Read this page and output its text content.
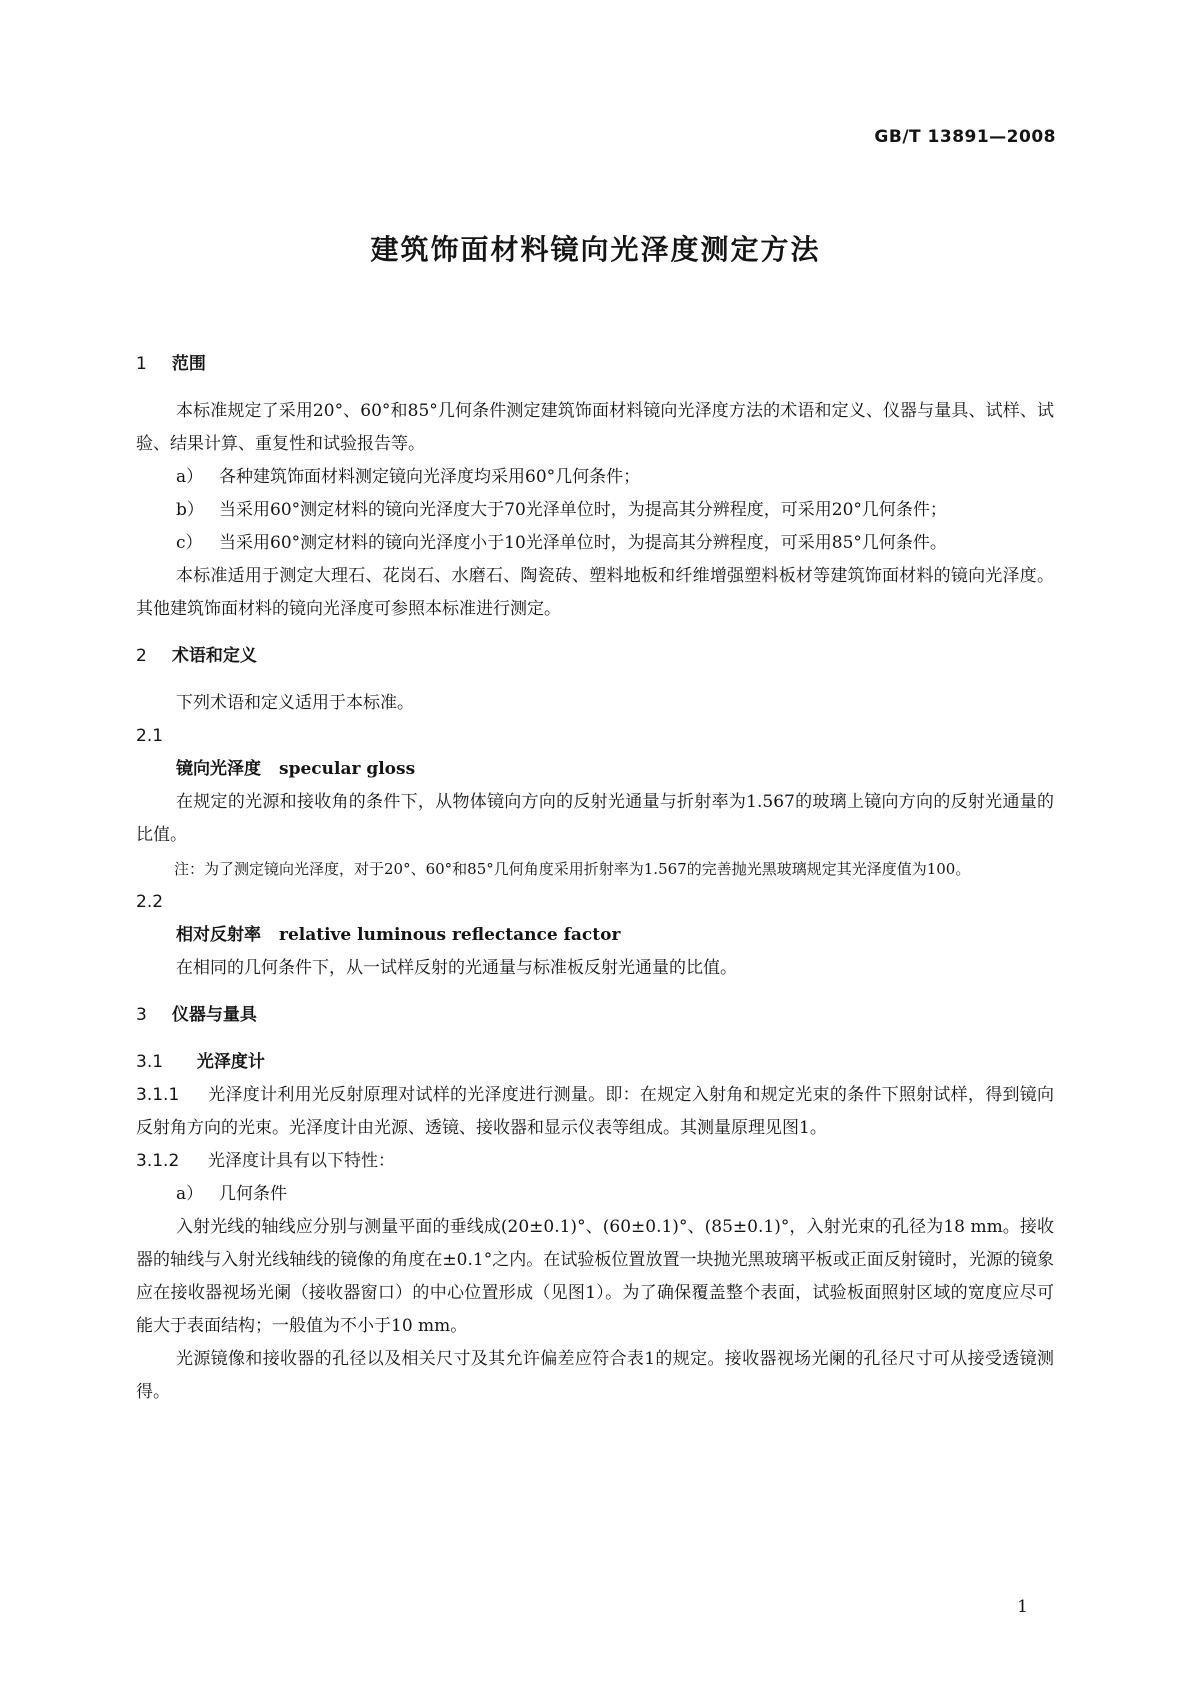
GB/T 13891—2008
建筑饰面材料镜向光泽度测定方法
1 范围

本标准规定了采用20°、60°和85°几何条件测定建筑饰面材料镜向光泽度方法的术语和定义、仪器与量具、试样、试验、结果计算、重复性和试验报告等。

a） 各种建筑饰面材料测定镜向光泽度均采用60°几何条件；

b） 当采用60°测定材料的镜向光泽度大于70光泽单位时，为提高其分辨程度，可采用20°几何条件；

c） 当采用60°测定材料的镜向光泽度小于10光泽单位时，为提高其分辨程度，可采用85°几何条件。

本标准适用于测定大理石、花岗石、水磨石、陶瓷砖、塑料地板和纤维增强塑料板材等建筑饰面材料的镜向光泽度。其他建筑饰面材料的镜向光泽度可参照本标准进行测定。

2 术语和定义

下列术语和定义适用于本标准。

2.1

镜向光泽度 specular gloss

在规定的光源和接收角的条件下，从物体镜向方向的反射光通量与折射率为1.567的玻璃上镜向方向的反射光通量的比值。

注：为了测定镜向光泽度，对于20°、60°和85°几何角度采用折射率为1.567的完善抛光黑玻璃规定其光泽度值为100。

2.2

相对反射率 relative luminous reflectance factor

在相同的几何条件下，从一试样反射的光通量与标准板反射光通量的比值。

3 仪器与量具
3.1 光泽度计

3.1.1 光泽度计利用光反射原理对试样的光泽度进行测量。即：在规定入射角和规定光束的条件下照射试样，得到镜向反射角方向的光束。光泽度计由光源、透镜、接收器和显示仪表等组成。其测量原理见图1。

3.1.2 光泽度计具有以下特性：

a） 几何条件

入射光线的轴线应分别与测量平面的垂线成(20±0.1)°、(60±0.1)°、(85±0.1)°，入射光束的孔径为18 mm。接收器的轴线与入射光线轴线的镜像的角度在±0.1°之内。在试验板位置放置一块抛光黑玻璃平板或正面反射镜时，光源的镜象应在接收器视场光阑（接收器窗口）的中心位置形成（见图1）。为了确保覆盖整个表面，试验板面照射区域的宽度应尽可能大于表面结构；一般值为不小于10 mm。

光源镜像和接收器的孔径以及相关尺寸及其允许偏差应符合表1的规定。接收器视场光阑的孔径尺寸可从接受透镜测得。

1
